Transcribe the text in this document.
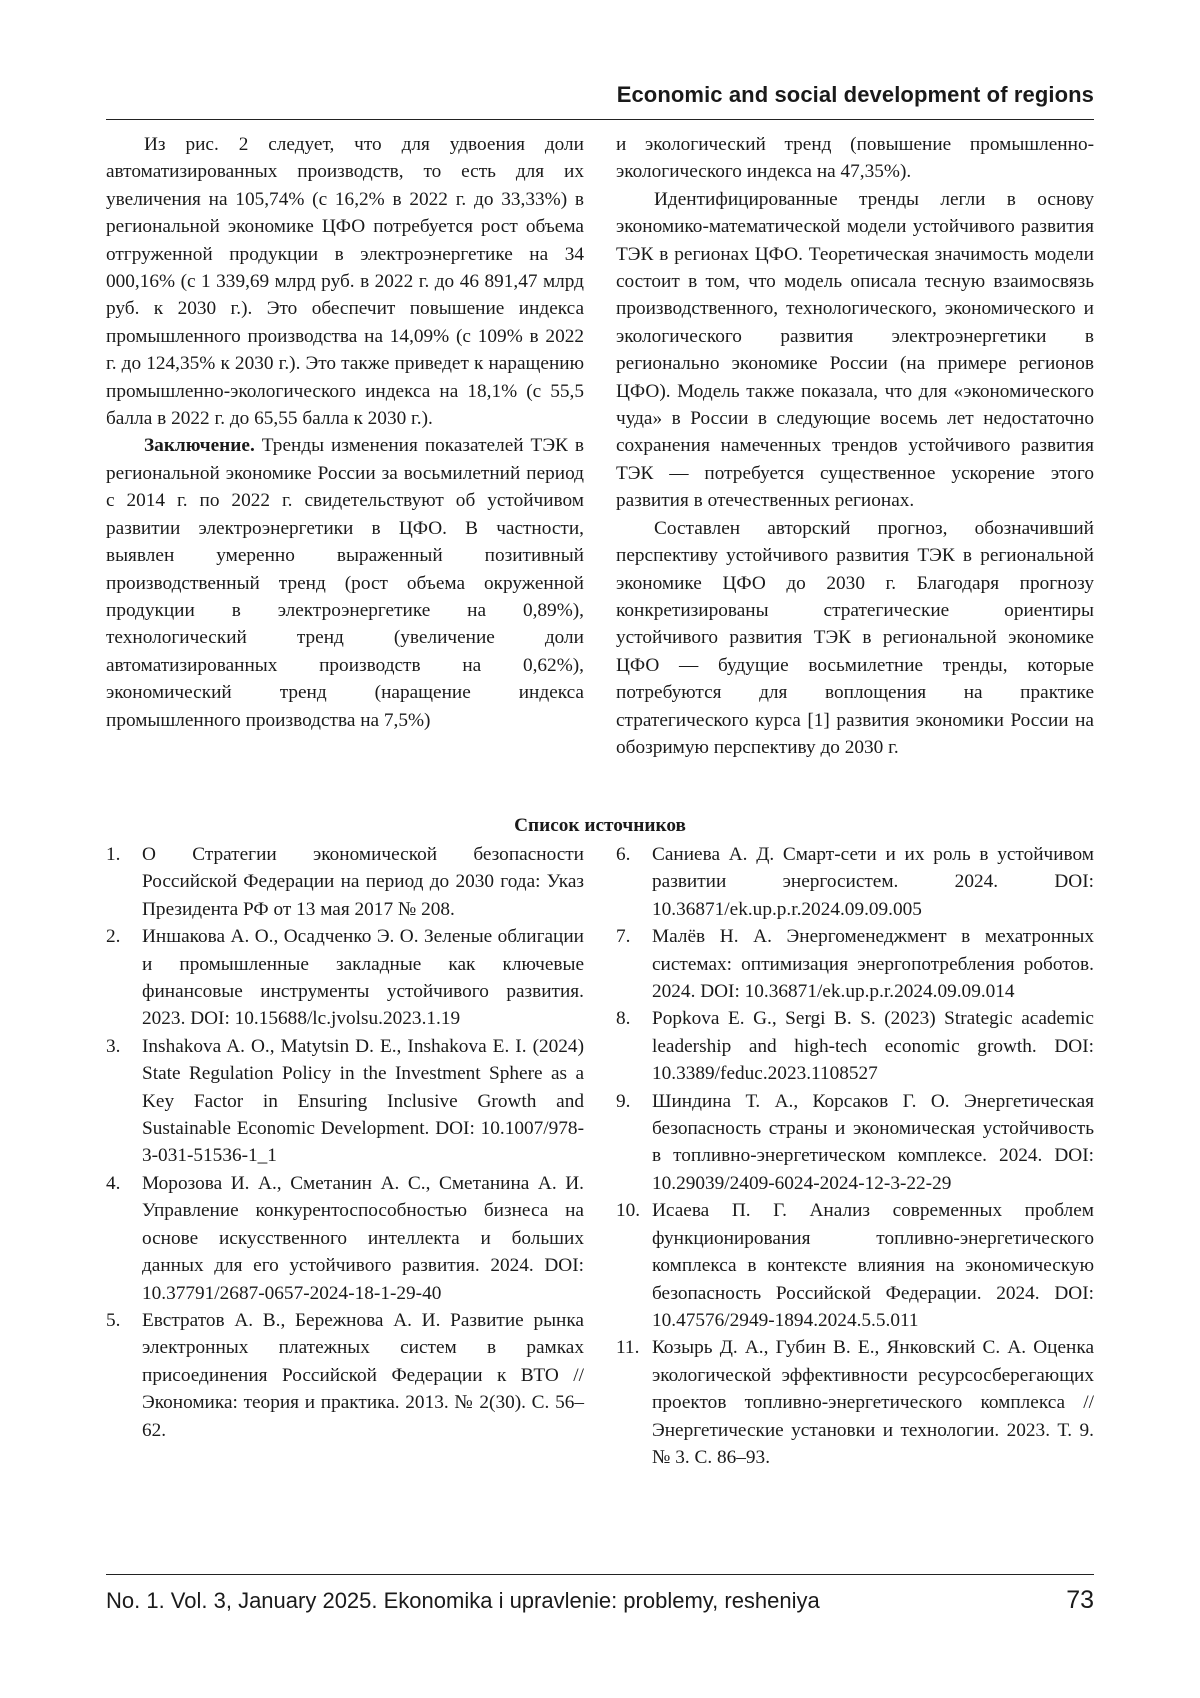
Economic and social development of regions

Из рис. 2 следует, что для удвоения доли автоматизированных производств, то есть для их увеличения на 105,74% (с 16,2% в 2022 г. до 33,33%) в региональной экономике ЦФО потребуется рост объема отгруженной продукции в электроэнергетике на 34 000,16% (с 1 339,69 млрд руб. в 2022 г. до 46 891,47 млрд руб. к 2030 г.). Это обеспечит повышение индекса промышленного производства на 14,09% (с 109% в 2022 г. до 124,35% к 2030 г.). Это также приведет к наращению промышленно-экологического индекса на 18,1% (с 55,5 балла в 2022 г. до 65,55 балла к 2030 г.).

Заключение. Тренды изменения показателей ТЭК в региональной экономике России за восьмилетний период с 2014 г. по 2022 г. свидетельствуют об устойчивом развитии электроэнергетики в ЦФО. В частности, выявлен умеренно выраженный позитивный производственный тренд (рост объема окруженной продукции в электроэнергетике на 0,89%), технологический тренд (увеличение доли автоматизированных производств на 0,62%), экономический тренд (наращение индекса промышленного производства на 7,5%)

и экологический тренд (повышение промышленно-экологического индекса на 47,35%).

Идентифицированные тренды легли в основу экономико-математической модели устойчивого развития ТЭК в регионах ЦФО. Теоретическая значимость модели состоит в том, что модель описала тесную взаимосвязь производственного, технологического, экономического и экологического развития электроэнергетики в регионально экономике России (на примере регионов ЦФО). Модель также показала, что для «экономического чуда» в России в следующие восемь лет недостаточно сохранения намеченных трендов устойчивого развития ТЭК — потребуется существенное ускорение этого развития в отечественных регионах.

Составлен авторский прогноз, обозначивший перспективу устойчивого развития ТЭК в региональной экономике ЦФО до 2030 г. Благодаря прогнозу конкретизированы стратегические ориентиры устойчивого развития ТЭК в региональной экономике ЦФО — будущие восьмилетние тренды, которые потребуются для воплощения на практике стратегического курса [1] развития экономики России на обозримую перспективу до 2030 г.

Список источников
1.	О Стратегии экономической безопасности Российской Федерации на период до 2030 года: Указ Президента РФ от 13 мая 2017 № 208.
2.	Иншакова А. О., Осадченко Э. О. Зеленые облигации и промышленные закладные как ключевые финансовые инструменты устойчивого развития. 2023. DOI: 10.15688/lc.jvolsu.2023.1.19
3.	Inshakova A. O., Matytsin D. E., Inshakova E. I. (2024) State Regulation Policy in the Investment Sphere as a Key Factor in Ensuring Inclusive Growth and Sustainable Economic Development. DOI: 10.1007/978-3-031-51536-1_1
4.	Морозова И. А., Сметанин А. С., Сметанина А. И. Управление конкурентоспособностью бизнеса на основе искусственного интеллекта и больших данных для его устойчивого развития. 2024. DOI: 10.37791/2687-0657-2024-18-1-29-40
5.	Евстратов А. В., Бережнова А. И. Развитие рынка электронных платежных систем в рамках присоединения Российской Федерации к ВТО // Экономика: теория и практика. 2013. № 2(30). С. 56–62.
6.	Саниева А. Д. Смарт-сети и их роль в устойчивом развитии энергосистем. 2024. DOI: 10.36871/ek.up.p.r.2024.09.09.005
7.	Малёв Н. А. Энергоменеджмент в мехатронных системах: оптимизация энергопотребления роботов. 2024. DOI: 10.36871/ek.up.p.r.2024.09.09.014
8.	Popkova E. G., Sergi B. S. (2023) Strategic academic leadership and high-tech economic growth. DOI: 10.3389/feduc.2023.1108527
9.	Шиндина Т. А., Корсаков Г. О. Энергетическая безопасность страны и экономическая устойчивость в топливно-энергетическом комплексе. 2024. DOI: 10.29039/2409-6024-2024-12-3-22-29
10. Исаева П. Г. Анализ современных проблем функционирования топливно-энергетического комплекса в контексте влияния на экономическую безопасность Российской Федерации. 2024. DOI: 10.47576/2949-1894.2024.5.5.011
11. Козырь Д. А., Губин В. Е., Янковский С. А. Оценка экологической эффективности ресурсосберегающих проектов топливно-энергетического комплекса // Энергетические установки и технологии. 2023. Т. 9. № 3. С. 86–93.
No. 1. Vol. 3, January 2025. Ekonomika i upravlenie: problemy, resheniya	73
